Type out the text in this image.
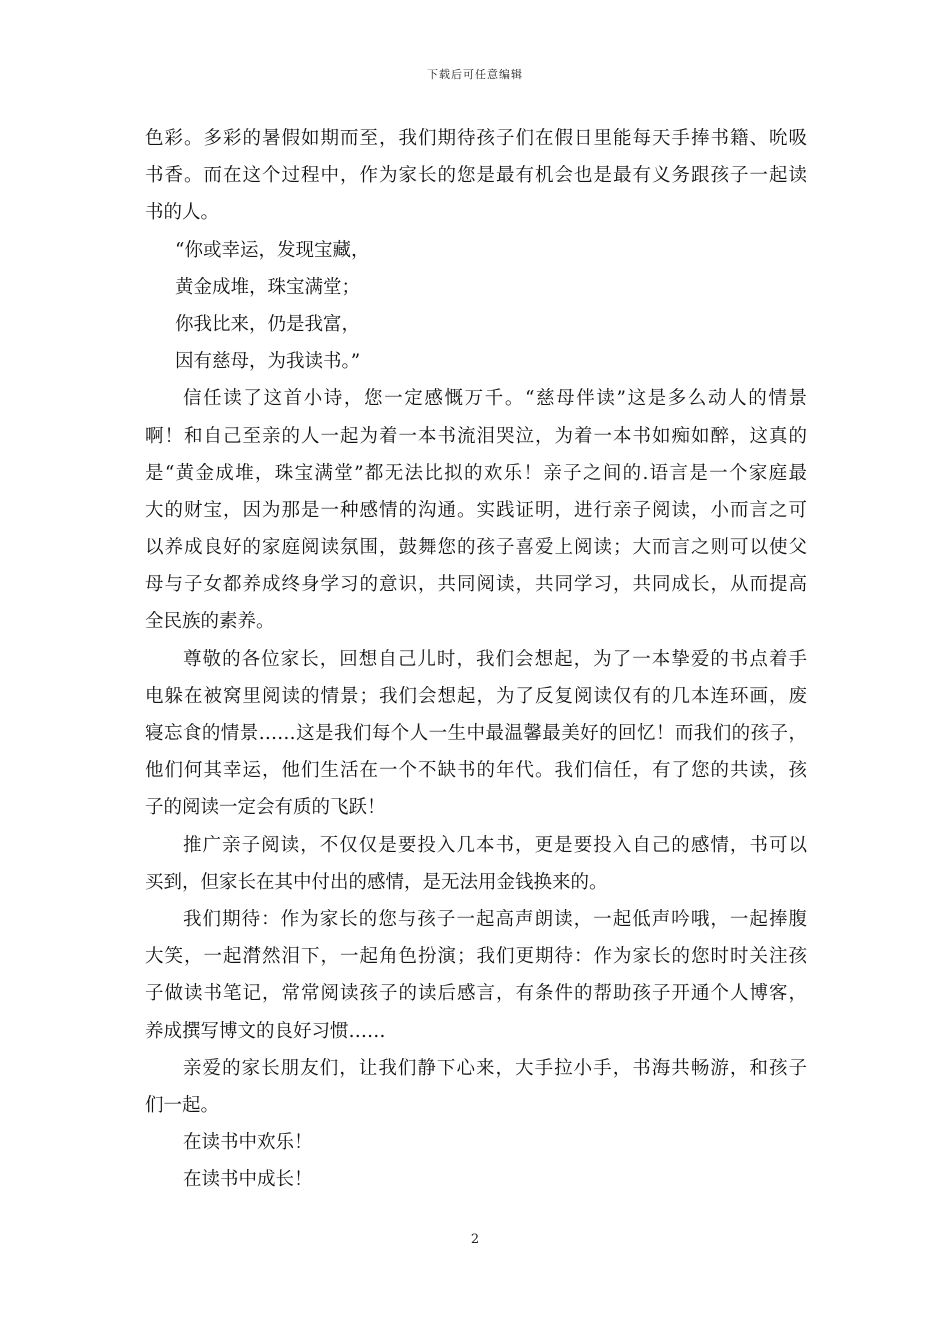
下载后可任意编辑
色彩。多彩的暑假如期而至，我们期待孩子们在假日里能每天手捧书籍、吮吸
书香。而在这个过程中，作为家长的您是最有机会也是最有义务跟孩子一起读
书的人。
“你或幸运，发现宝藏，
黄金成堆，珠宝满堂；
你我比来，仍是我富，
因有慈母，为我读书。”
信任读了这首小诗，您一定感慨万千。“慈母伴读”这是多么动人的情景
啊！和自己至亲的人一起为着一本书流泪哭泣，为着一本书如痴如醉，这真的
是“黄金成堆，珠宝满堂”都无法比拟的欢乐！亲子之间的.语言是一个家庭最
大的财宝，因为那是一种感情的沟通。实践证明，进行亲子阅读，小而言之可
以养成良好的家庭阅读氛围，鼓舞您的孩子喜爱上阅读；大而言之则可以使父
母与子女都养成终身学习的意识，共同阅读，共同学习，共同成长，从而提高
全民族的素养。
尊敬的各位家长，回想自己儿时，我们会想起，为了一本挚爱的书点着手
电躲在被窝里阅读的情景；我们会想起，为了反复阅读仅有的几本连环画，废
寝忘食的情景……这是我们每个人一生中最温馨最美好的回忆！而我们的孩子，
他们何其幸运，他们生活在一个不缺书的年代。我们信任，有了您的共读，孩
子的阅读一定会有质的飞跃！
推广亲子阅读，不仅仅是要投入几本书，更是要投入自己的感情，书可以
买到，但家长在其中付出的感情，是无法用金钱换来的。
我们期待：作为家长的您与孩子一起高声朗读，一起低声吟哦，一起捧腹
大笑，一起潸然泪下，一起角色扮演；我们更期待：作为家长的您时时关注孩
子做读书笔记，常常阅读孩子的读后感言，有条件的帮助孩子开通个人博客，
养成撰写博文的良好习惯……
亲爱的家长朋友们，让我们静下心来，大手拉小手，书海共畅游，和孩子
们一起。
在读书中欢乐！
在读书中成长！
2
